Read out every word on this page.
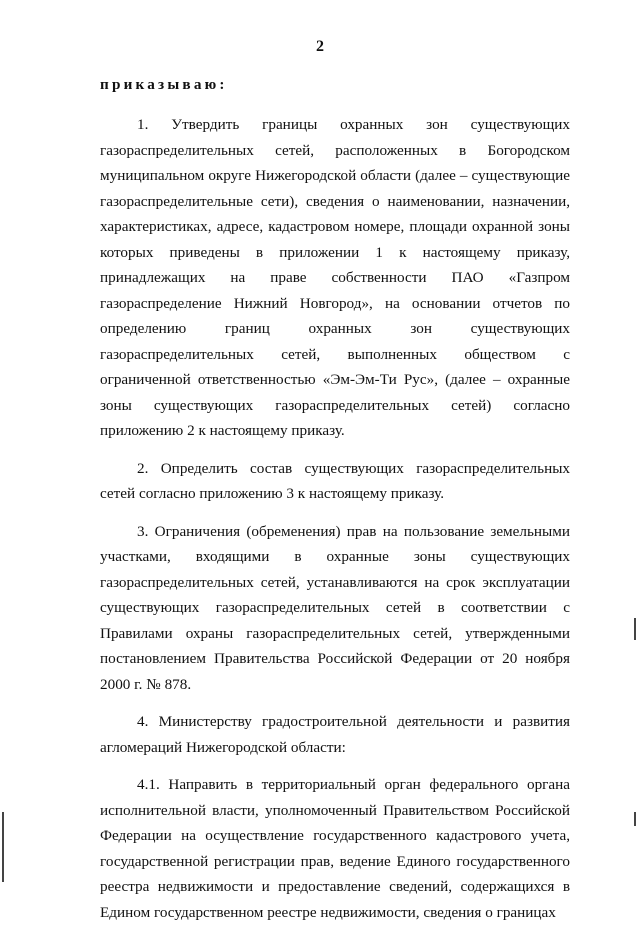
2

приказываю:

1. Утвердить границы охранных зон существующих газораспределительных сетей, расположенных в Богородском муниципальном округе Нижегородской области (далее – существующие газораспределительные сети), сведения о наименовании, назначении, характеристиках, адресе, кадастровом номере, площади охранной зоны которых приведены в приложении 1 к настоящему приказу, принадлежащих на праве собственности ПАО «Газпром газораспределение Нижний Новгород», на основании отчетов по определению границ охранных зон существующих газораспределительных сетей, выполненных обществом с ограниченной ответственностью «Эм-Эм-Ти Рус», (далее – охранные зоны существующих газораспределительных сетей) согласно приложению 2 к настоящему приказу.

2. Определить состав существующих газораспределительных сетей согласно приложению 3 к настоящему приказу.

3. Ограничения (обременения) прав на пользование земельными участками, входящими в охранные зоны существующих газораспределительных сетей, устанавливаются на срок эксплуатации существующих газораспределительных сетей в соответствии с Правилами охраны газораспределительных сетей, утвержденными постановлением Правительства Российской Федерации от 20 ноября 2000 г. № 878.

4. Министерству градостроительной деятельности и развития агломераций Нижегородской области:

4.1. Направить в территориальный орган федерального органа исполнительной власти, уполномоченный Правительством Российской Федерации на осуществление государственного кадастрового учета, государственной регистрации прав, ведение Единого государственного реестра недвижимости и предоставление сведений, содержащихся в Едином государственном реестре недвижимости, сведения о границах
